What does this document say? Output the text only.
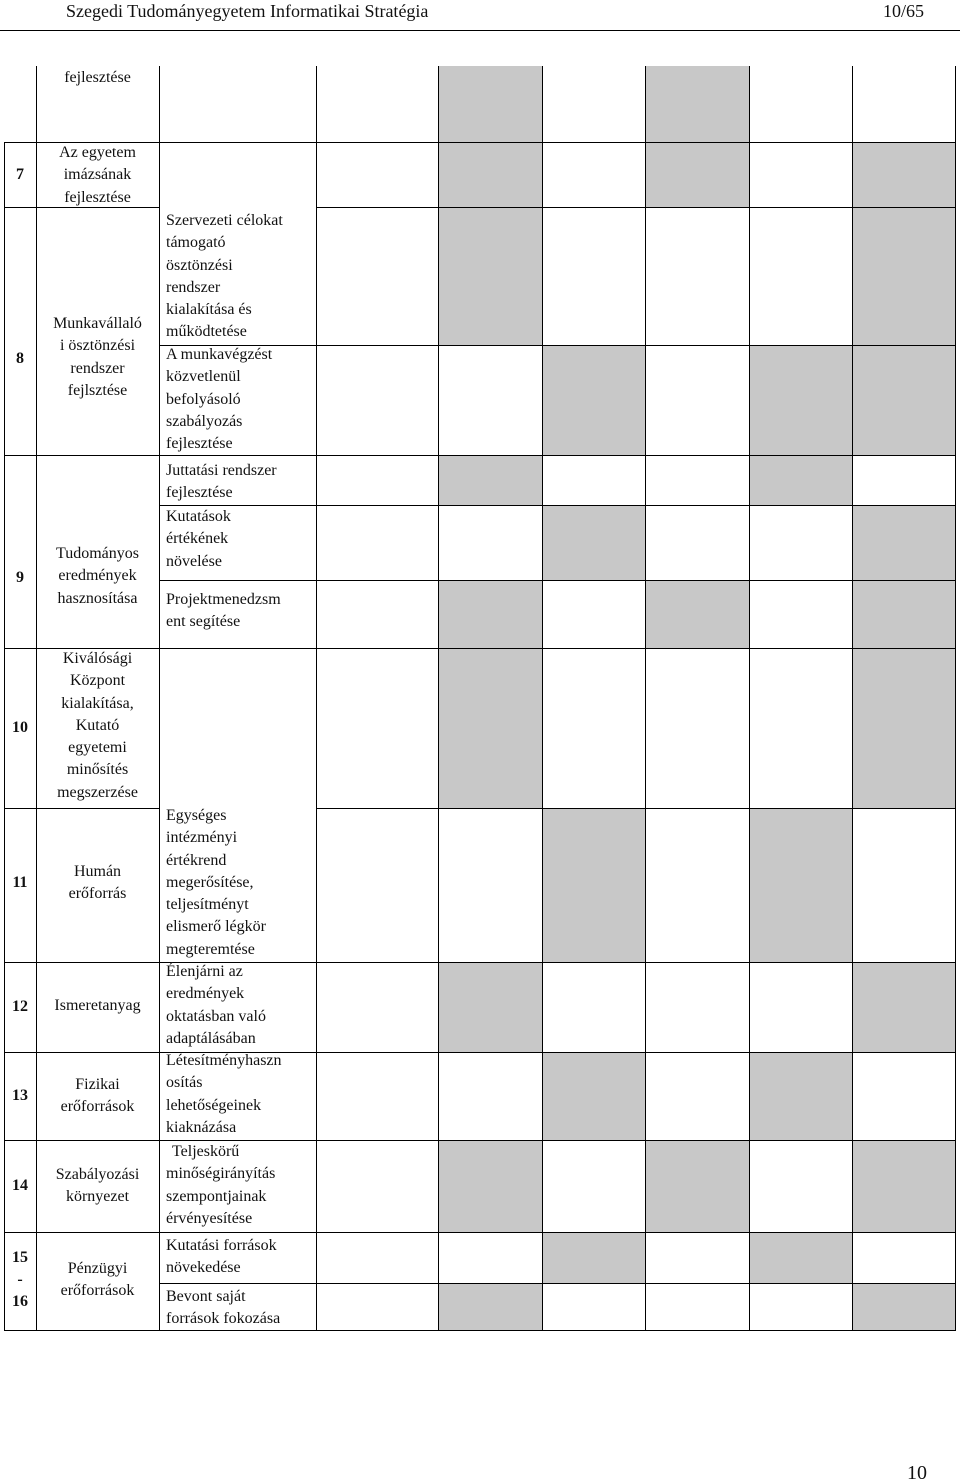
Szegedi Tudományegyetem Informatikai Stratégia	10/65
7
8
9
10
11
12
13
14
15
-
16
fejlesztése
Az egyetem
imázsának
fejlesztése
Munkavállaló
i ösztönzési
rendszer
fejlsztése
Tudományos
eredmények
hasznosítása
Kiválósági
Központ
kialakítása,
Kutató
egyetemi
minősítés
megszerzése
Humán
erőforrás
Ismeretanyag
Fizikai
erőforrások
Szabályozási
környezet
Pénzügyi
erőforrások
Szervezeti célokat
támogató
ösztönzési
rendszer
kialakítása és
működtetése
A munkavégzést
közvetlenül
befolyásoló
szabályozás
fejlesztése
Juttatási rendszer
fejlesztése
Kutatások
értékének
növelése
Projektmenedzsm
ent segítése
Egységes
intézményi
értékrend
megerősítése,
teljesítményt
elismerő légkör
megteremtése
Élenjárni az
eredmények
oktatásban való
adaptálásában
Létesítményhaszn
osítás
lehetőségeinek
kiaknázása
Teljeskörű
minőségirányítás
szempontjainak
érvényesítése
Kutatási források
növekedése
Bevont saját
források fokozása
10
